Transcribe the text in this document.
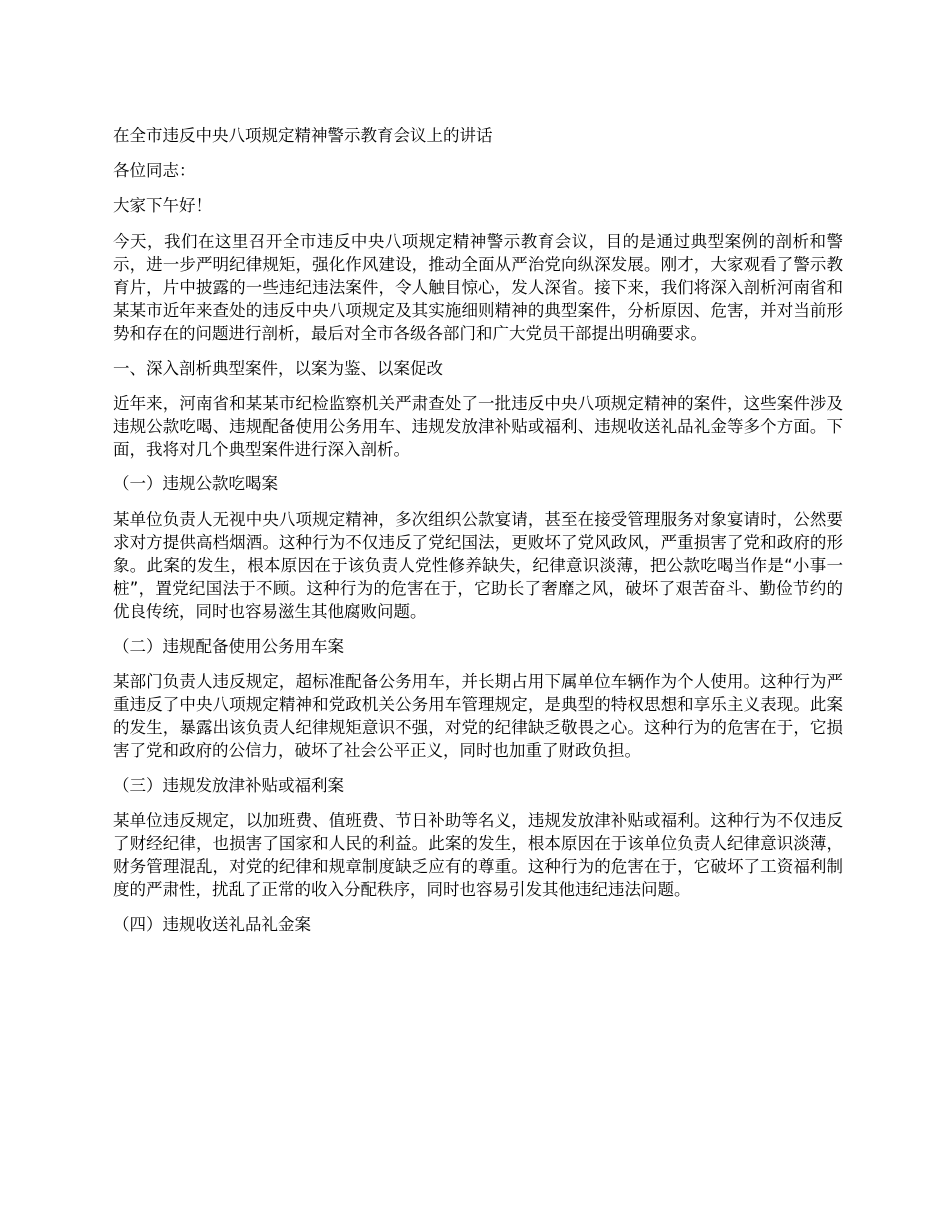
在全市违反中央八项规定精神警示教育会议上的讲话

各位同志：

大家下午好！

今天，我们在这里召开全市违反中央八项规定精神警示教育会议，目的是通过典型案例的剖析和警示，进一步严明纪律规矩，强化作风建设，推动全面从严治党向纵深发展。刚才，大家观看了警示教育片，片中披露的一些违纪违法案件，令人触目惊心，发人深省。接下来，我们将深入剖析河南省和某某市近年来查处的违反中央八项规定及其实施细则精神的典型案件，分析原因、危害，并对当前形势和存在的问题进行剖析，最后对全市各级各部门和广大党员干部提出明确要求。

一、深入剖析典型案件，以案为鉴、以案促改

近年来，河南省和某某市纪检监察机关严肃查处了一批违反中央八项规定精神的案件，这些案件涉及违规公款吃喝、违规配备使用公务用车、违规发放津补贴或福利、违规收送礼品礼金等多个方面。下面，我将对几个典型案件进行深入剖析。

（一）违规公款吃喝案

某单位负责人无视中央八项规定精神，多次组织公款宴请，甚至在接受管理服务对象宴请时，公然要求对方提供高档烟酒。这种行为不仅违反了党纪国法，更败坏了党风政风，严重损害了党和政府的形象。此案的发生，根本原因在于该负责人党性修养缺失，纪律意识淡薄，把公款吃喝当作是“小事一桩”，置党纪国法于不顾。这种行为的危害在于，它助长了奢靡之风，破坏了艰苦奋斗、勤俭节约的优良传统，同时也容易滋生其他腐败问题。

（二）违规配备使用公务用车案

某部门负责人违反规定，超标准配备公务用车，并长期占用下属单位车辆作为个人使用。这种行为严重违反了中央八项规定精神和党政机关公务用车管理规定，是典型的特权思想和享乐主义表现。此案的发生，暴露出该负责人纪律规矩意识不强，对党的纪律缺乏敬畏之心。这种行为的危害在于，它损害了党和政府的公信力，破坏了社会公平正义，同时也加重了财政负担。

（三）违规发放津补贴或福利案

某单位违反规定，以加班费、值班费、节日补助等名义，违规发放津补贴或福利。这种行为不仅违反了财经纪律，也损害了国家和人民的利益。此案的发生，根本原因在于该单位负责人纪律意识淡薄，财务管理混乱，对党的纪律和规章制度缺乏应有的尊重。这种行为的危害在于，它破坏了工资福利制度的严肃性，扰乱了正常的收入分配秩序，同时也容易引发其他违纪违法问题。

（四）违规收送礼品礼金案
